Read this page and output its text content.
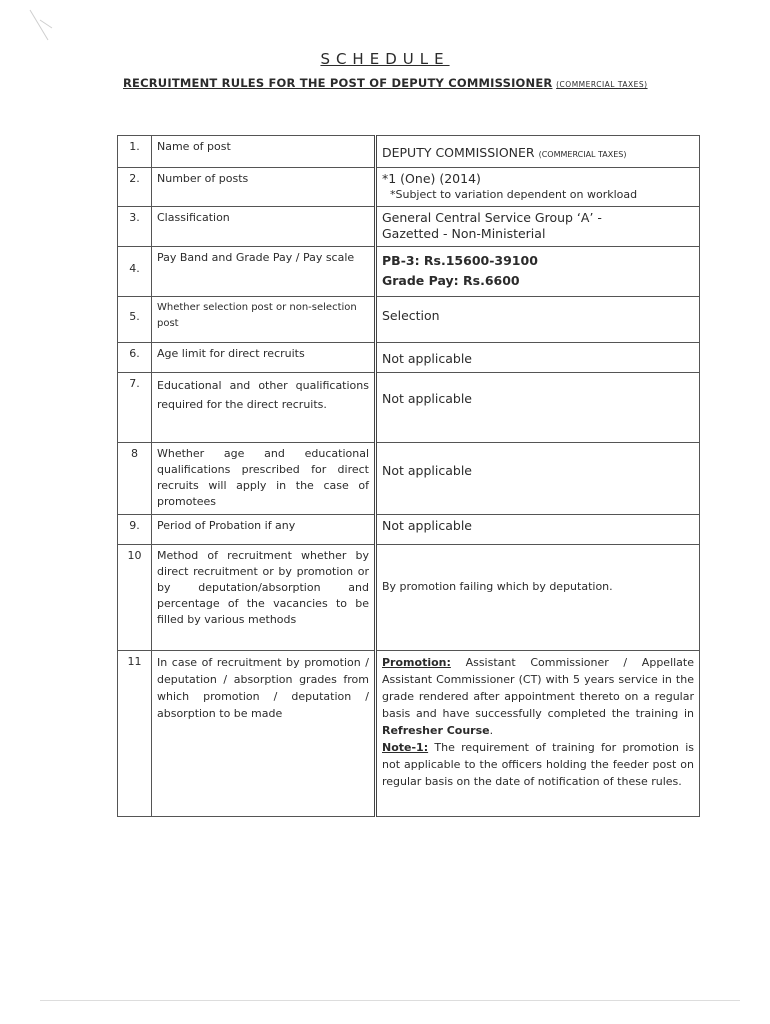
SCHEDULE
RECRUITMENT RULES FOR THE POST OF DEPUTY COMMISSIONER (COMMERCIAL TAXES)
1.	Name of post	DEPUTY COMMISSIONER (COMMERCIAL TAXES)
2.	Number of posts	*1 (One) (2014)
*Subject to variation dependent on workload

3.	Classification	General Central Service Group ‘A’ -
Gazetted - Non-Ministerial

4.	Pay Band and Grade Pay / Pay scale	PB-3: Rs.15600-39100
Grade Pay: Rs.6600

5.	Whether selection post or non-selection post	Selection
6.	Age limit for direct recruits	Not applicable
7.	Educational and other qualifications required for the direct recruits.	Not applicable
8	Whether age and educational qualifications prescribed for direct recruits will apply in the case of promotees	Not applicable
9.	Period of Probation if any	Not applicable
10	Method of recruitment whether by direct recruitment or by promotion or by deputation/absorption and percentage of the vacancies to be filled by various methods	By promotion failing which by deputation.
11	In case of recruitment by promotion / deputation / absorption grades from which promotion / deputation / absorption to be made	Promotion: Assistant Commissioner / Appellate Assistant Commissioner (CT) with 5 years service in the grade rendered after appointment thereto on a regular basis and have successfully completed the training in Refresher Course.
Note-1: The requirement of training for promotion is not applicable to the officers holding the feeder post on regular basis on the date of notification of these rules.
